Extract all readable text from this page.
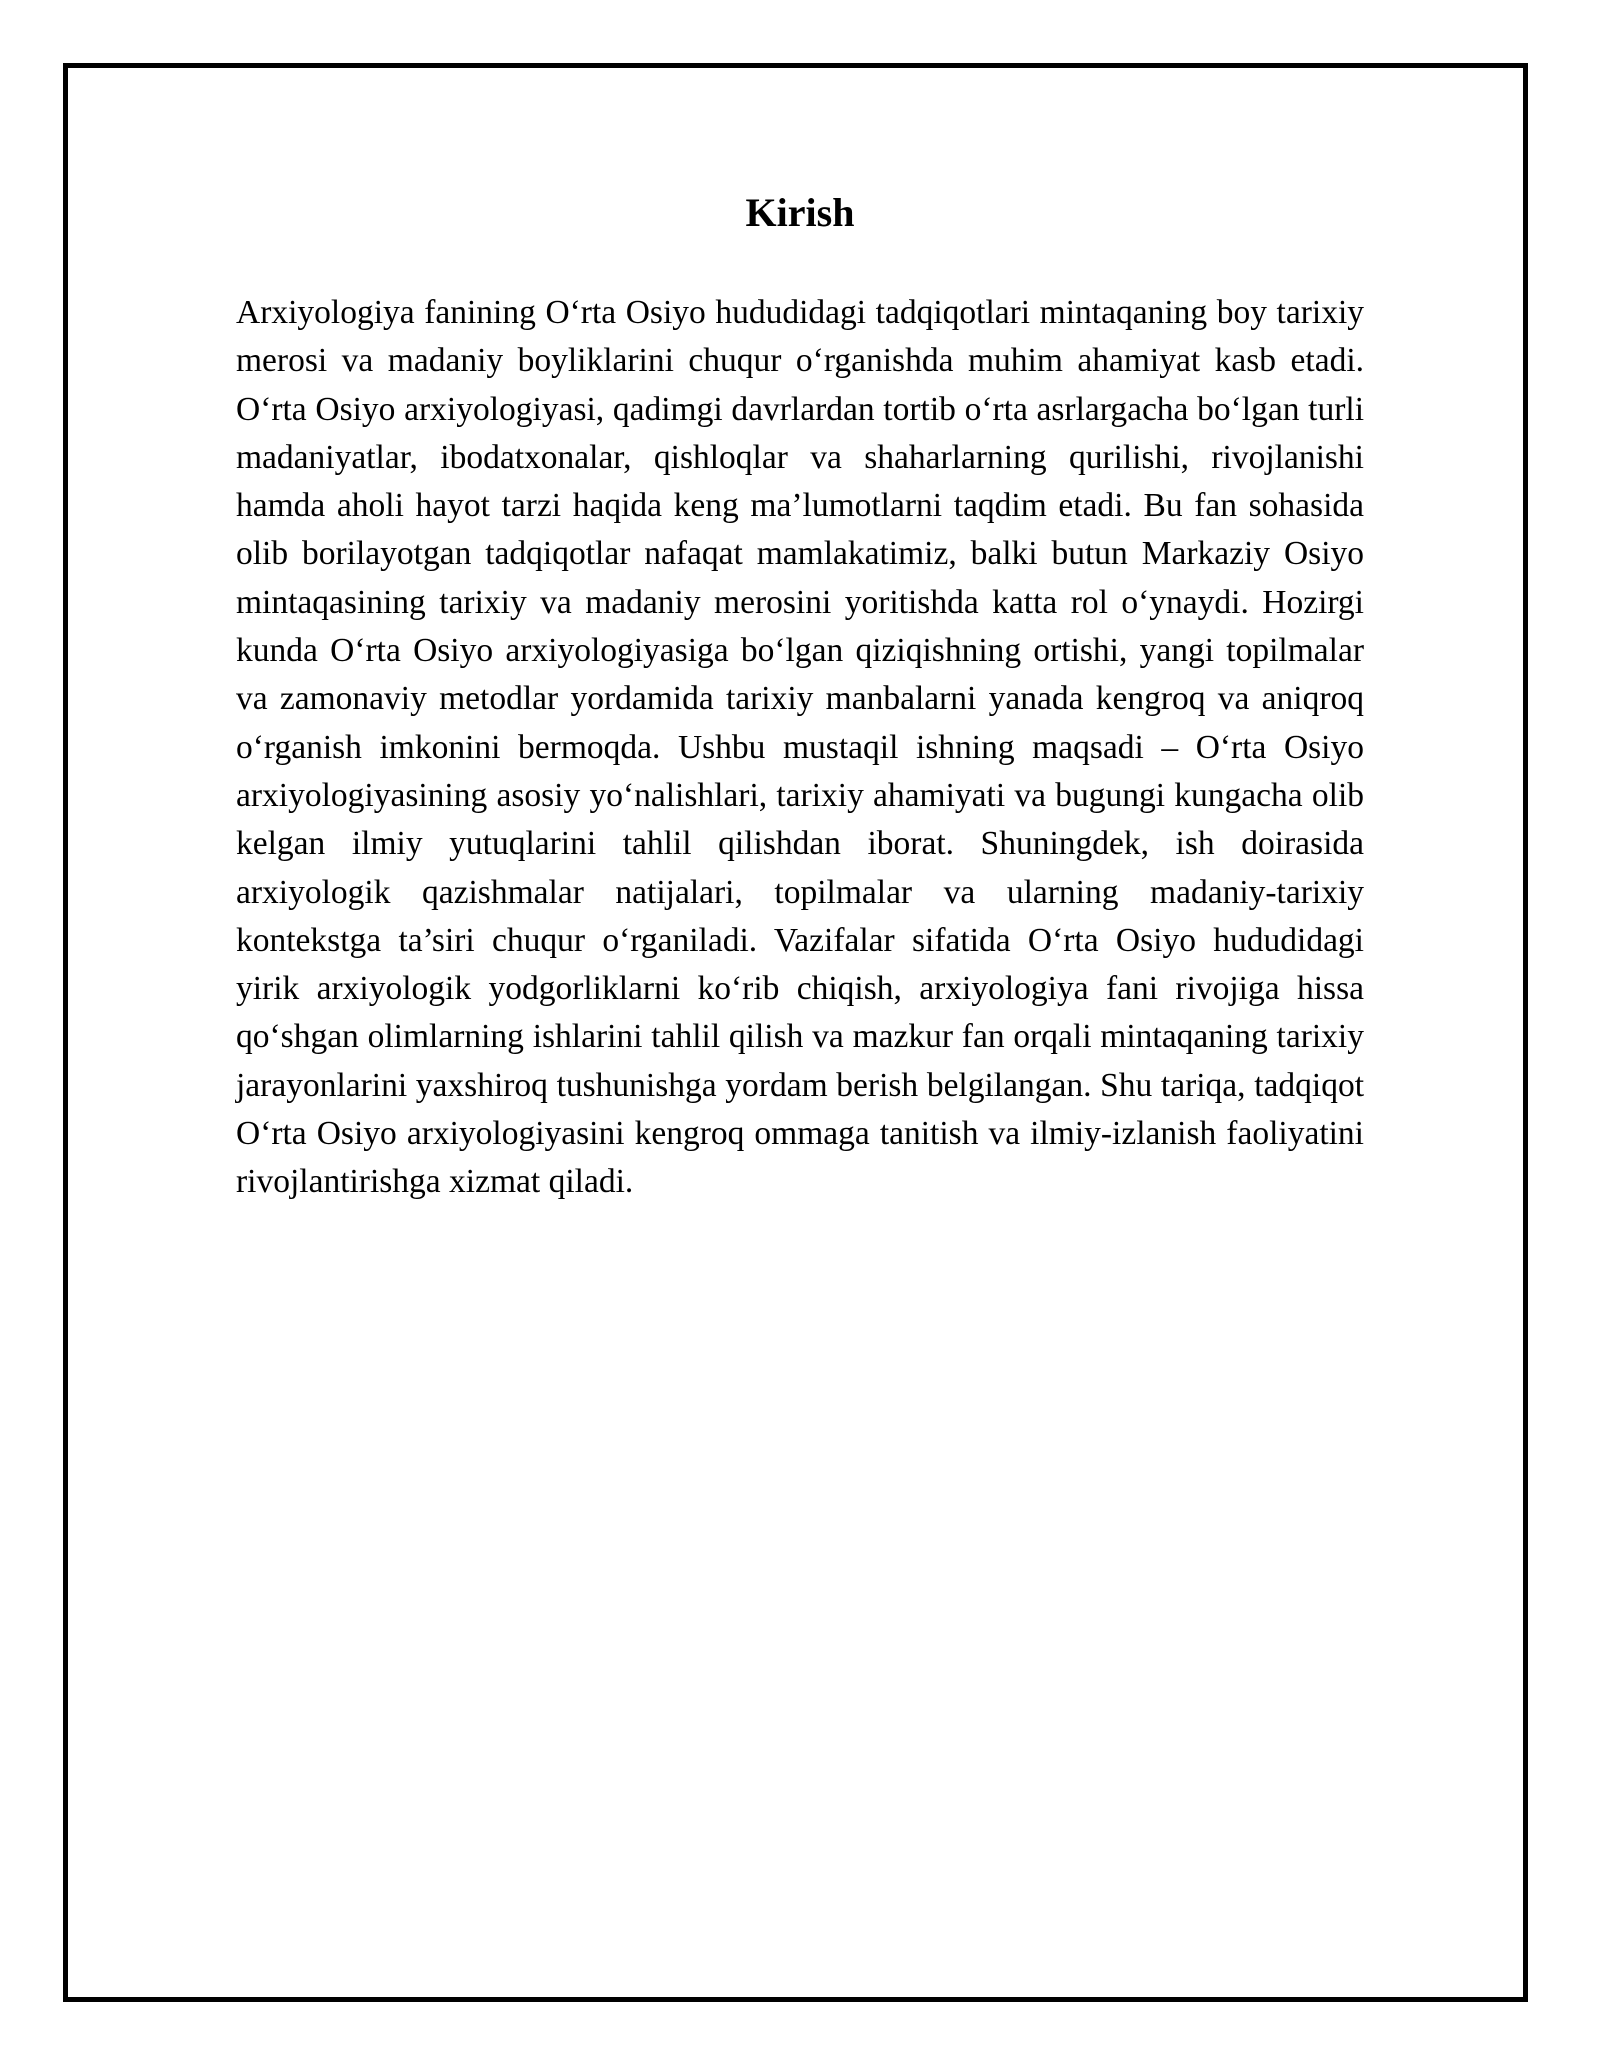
Kirish

Arxiyologiya fanining O‘rta Osiyo hududidagi tadqiqotlari mintaqaning boy tarixiy merosi va madaniy boyliklarini chuqur o‘rganishda muhim ahamiyat kasb etadi. O‘rta Osiyo arxiyologiyasi, qadimgi davrlardan tortib o‘rta asrlargacha bo‘lgan turli madaniyatlar, ibodatxonalar, qishloqlar va shaharlarning qurilishi, rivojlanishi hamda aholi hayot tarzi haqida keng ma’lumotlarni taqdim etadi. Bu fan sohasida olib borilayotgan tadqiqotlar nafaqat mamlakatimiz, balki butun Markaziy Osiyo mintaqasining tarixiy va madaniy merosini yoritishda katta rol o‘ynaydi. Hozirgi kunda O‘rta Osiyo arxiyologiyasiga bo‘lgan qiziqishning ortishi, yangi topilmalar va zamonaviy metodlar yordamida tarixiy manbalarni yanada kengroq va aniqroq o‘rganish imkonini bermoqda. Ushbu mustaqil ishning maqsadi – O‘rta Osiyo arxiyologiyasining asosiy yo‘nalishlari, tarixiy ahamiyati va bugungi kungacha olib kelgan ilmiy yutuqlarini tahlil qilishdan iborat. Shuningdek, ish doirasida arxiyologik qazishmalar natijalari, topilmalar va ularning madaniy-tarixiy kontekstga ta’siri chuqur o‘rganiladi. Vazifalar sifatida O‘rta Osiyo hududidagi yirik arxiyologik yodgorliklarni ko‘rib chiqish, arxiyologiya fani rivojiga hissa qo‘shgan olimlarning ishlarini tahlil qilish va mazkur fan orqali mintaqaning tarixiy jarayonlarini yaxshiroq tushunishga yordam berish belgilangan. Shu tariqa, tadqiqot O‘rta Osiyo arxiyologiyasini kengroq ommaga tanitish va ilmiy-izlanish faoliyatini rivojlantirishga xizmat qiladi.
